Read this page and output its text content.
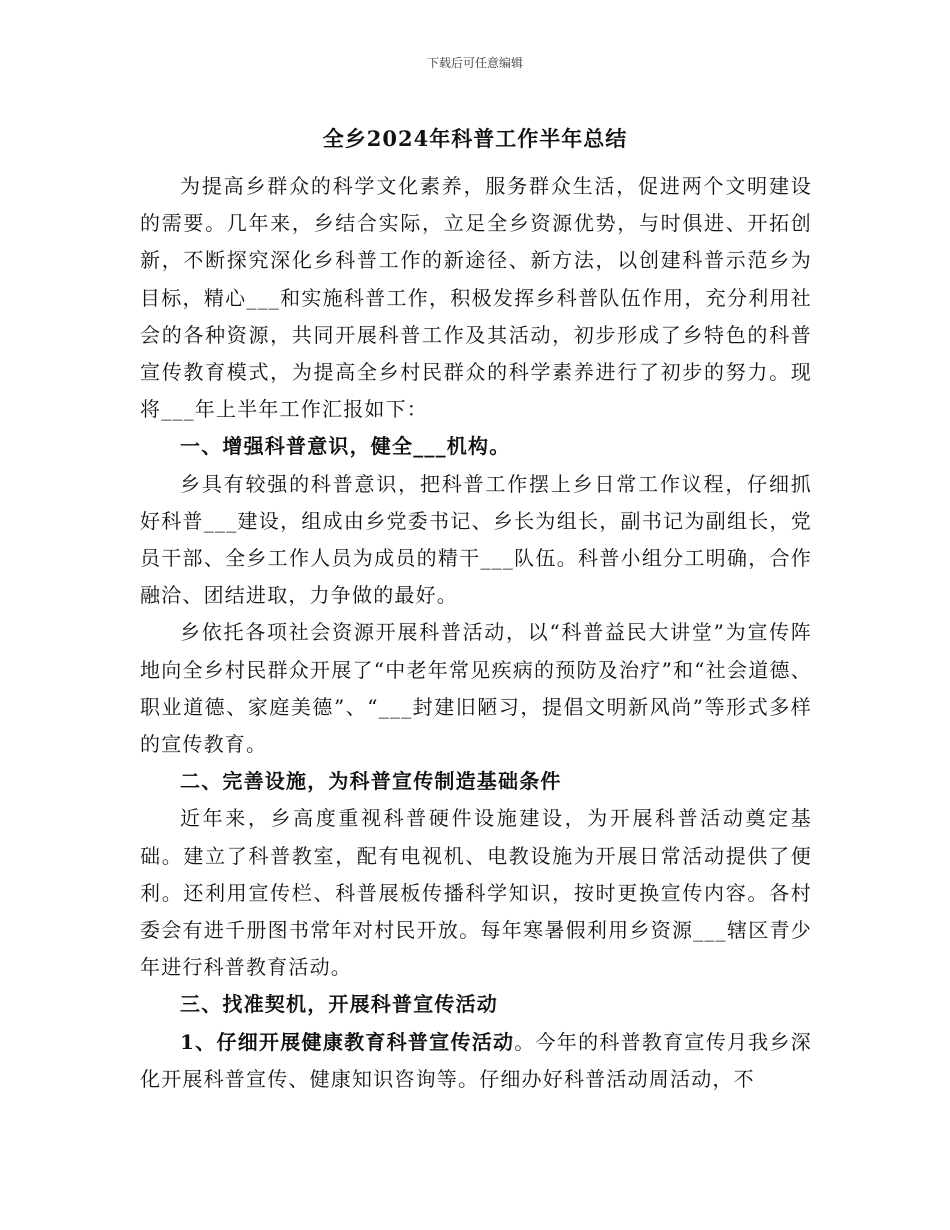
下载后可任意编辑
全乡2024年科普工作半年总结

为提高乡群众的科学文化素养，服务群众生活，促进两个文明建设的需要。几年来，乡结合实际，立足全乡资源优势，与时俱进、开拓创新，不断探究深化乡科普工作的新途径、新方法，以创建科普示范乡为目标，精心___和实施科普工作，积极发挥乡科普队伍作用，充分利用社会的各种资源，共同开展科普工作及其活动，初步形成了乡特色的科普宣传教育模式，为提高全乡村民群众的科学素养进行了初步的努力。现将___年上半年工作汇报如下：

一、增强科普意识，健全___机构。

乡具有较强的科普意识，把科普工作摆上乡日常工作议程，仔细抓好科普___建设，组成由乡党委书记、乡长为组长，副书记为副组长，党员干部、全乡工作人员为成员的精干___队伍。科普小组分工明确，合作融洽、团结进取，力争做的最好。

乡依托各项社会资源开展科普活动，以“科普益民大讲堂”为宣传阵地向全乡村民群众开展了“中老年常见疾病的预防及治疗”和“社会道德、职业道德、家庭美德”、“___封建旧陋习，提倡文明新风尚”等形式多样的宣传教育。

二、完善设施，为科普宣传制造基础条件

近年来，乡高度重视科普硬件设施建设，为开展科普活动奠定基础。建立了科普教室，配有电视机、电教设施为开展日常活动提供了便利。还利用宣传栏、科普展板传播科学知识，按时更换宣传内容。各村委会有进千册图书常年对村民开放。每年寒暑假利用乡资源___辖区青少年进行科普教育活动。

三、找准契机，开展科普宣传活动

1、仔细开展健康教育科普宣传活动。今年的科普教育宣传月我乡深化开展科普宣传、健康知识咨询等。仔细办好科普活动周活动，不
